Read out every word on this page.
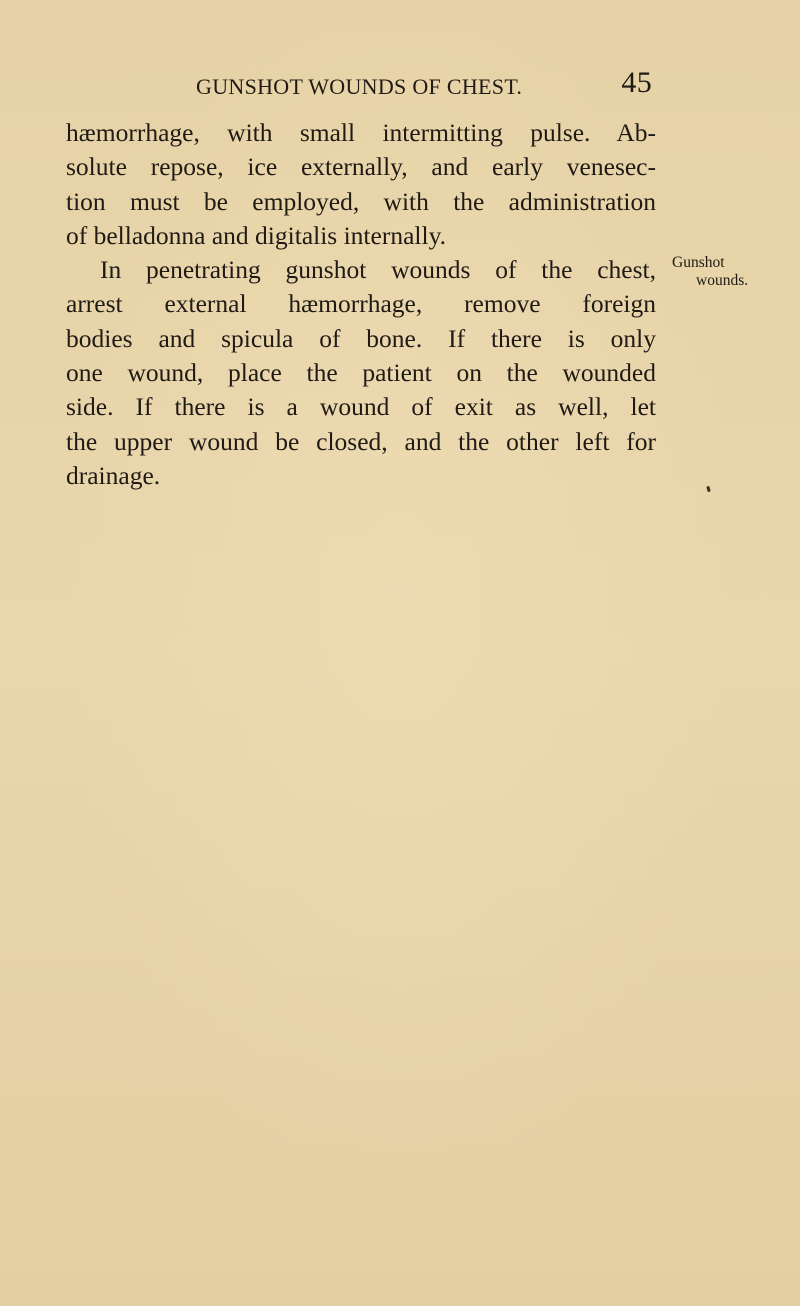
GUNSHOT WOUNDS OF CHEST.	45
hæmorrhage, with small intermitting pulse. Ab-
solute repose, ice externally, and early venesec-
tion must be employed, with the administration
of belladonna and digitalis internally.
In penetrating gunshot wounds of the chest,
arrest external hæmorrhage, remove foreign
bodies and spicula of bone. If there is only
one wound, place the patient on the wounded
side. If there is a wound of exit as well, let
the upper wound be closed, and the other left for
drainage.
Gunshot
wounds.
